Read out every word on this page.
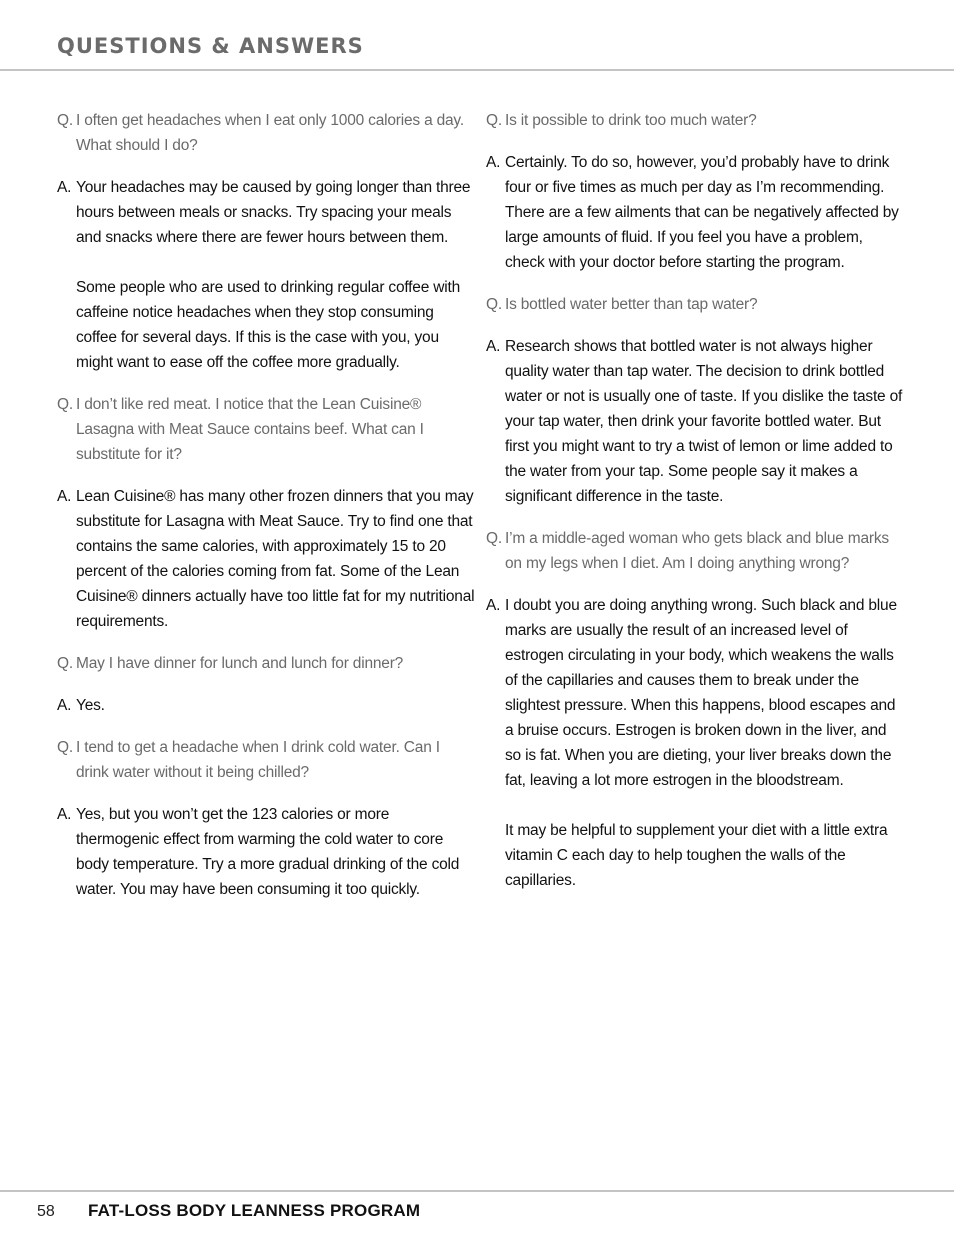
QUESTIONS & ANSWERS
Q. I often get headaches when I eat only 1000 calories a day. What should I do?

A. Your headaches may be caused by going longer than three hours between meals or snacks. Try spacing your meals and snacks where there are fewer hours between them.

Some people who are used to drinking regular coffee with caffeine notice headaches when they stop consuming coffee for several days. If this is the case with you, you might want to ease off the coffee more gradually.

Q. I don’t like red meat. I notice that the Lean Cuisine® Lasagna with Meat Sauce contains beef. What can I substitute for it?

A. Lean Cuisine® has many other frozen dinners that you may substitute for Lasagna with Meat Sauce. Try to find one that contains the same calories, with approximately 15 to 20 percent of the calories coming from fat. Some of the Lean Cuisine® dinners actually have too little fat for my nutritional requirements.

Q. May I have dinner for lunch and lunch for dinner?

A. Yes.

Q. I tend to get a headache when I drink cold water. Can I drink water without it being chilled?

A. Yes, but you won’t get the 123 calories or more thermogenic effect from warming the cold water to core body temperature. Try a more gradual drinking of the cold water. You may have been consuming it too quickly.

Q. Is it possible to drink too much water?

A. Certainly. To do so, however, you’d probably have to drink four or five times as much per day as I’m recommending. There are a few ailments that can be negatively affected by large amounts of fluid. If you feel you have a problem, check with your doctor before starting the program.

Q. Is bottled water better than tap water?

A. Research shows that bottled water is not always higher quality water than tap water. The decision to drink bottled water or not is usually one of taste. If you dislike the taste of your tap water, then drink your favorite bottled water. But first you might want to try a twist of lemon or lime added to the water from your tap. Some people say it makes a significant difference in the taste.

Q. I’m a middle-aged woman who gets black and blue marks on my legs when I diet. Am I doing anything wrong?

A. I doubt you are doing anything wrong. Such black and blue marks are usually the result of an increased level of estrogen circulating in your body, which weakens the walls of the capillaries and causes them to break under the slightest pressure. When this happens, blood escapes and a bruise occurs. Estrogen is broken down in the liver, and so is fat. When you are dieting, your liver breaks down the fat, leaving a lot more estrogen in the bloodstream.

It may be helpful to supplement your diet with a little extra vitamin C each day to help toughen the walls of the capillaries.

58 FAT-LOSS BODY LEANNESS PROGRAM
